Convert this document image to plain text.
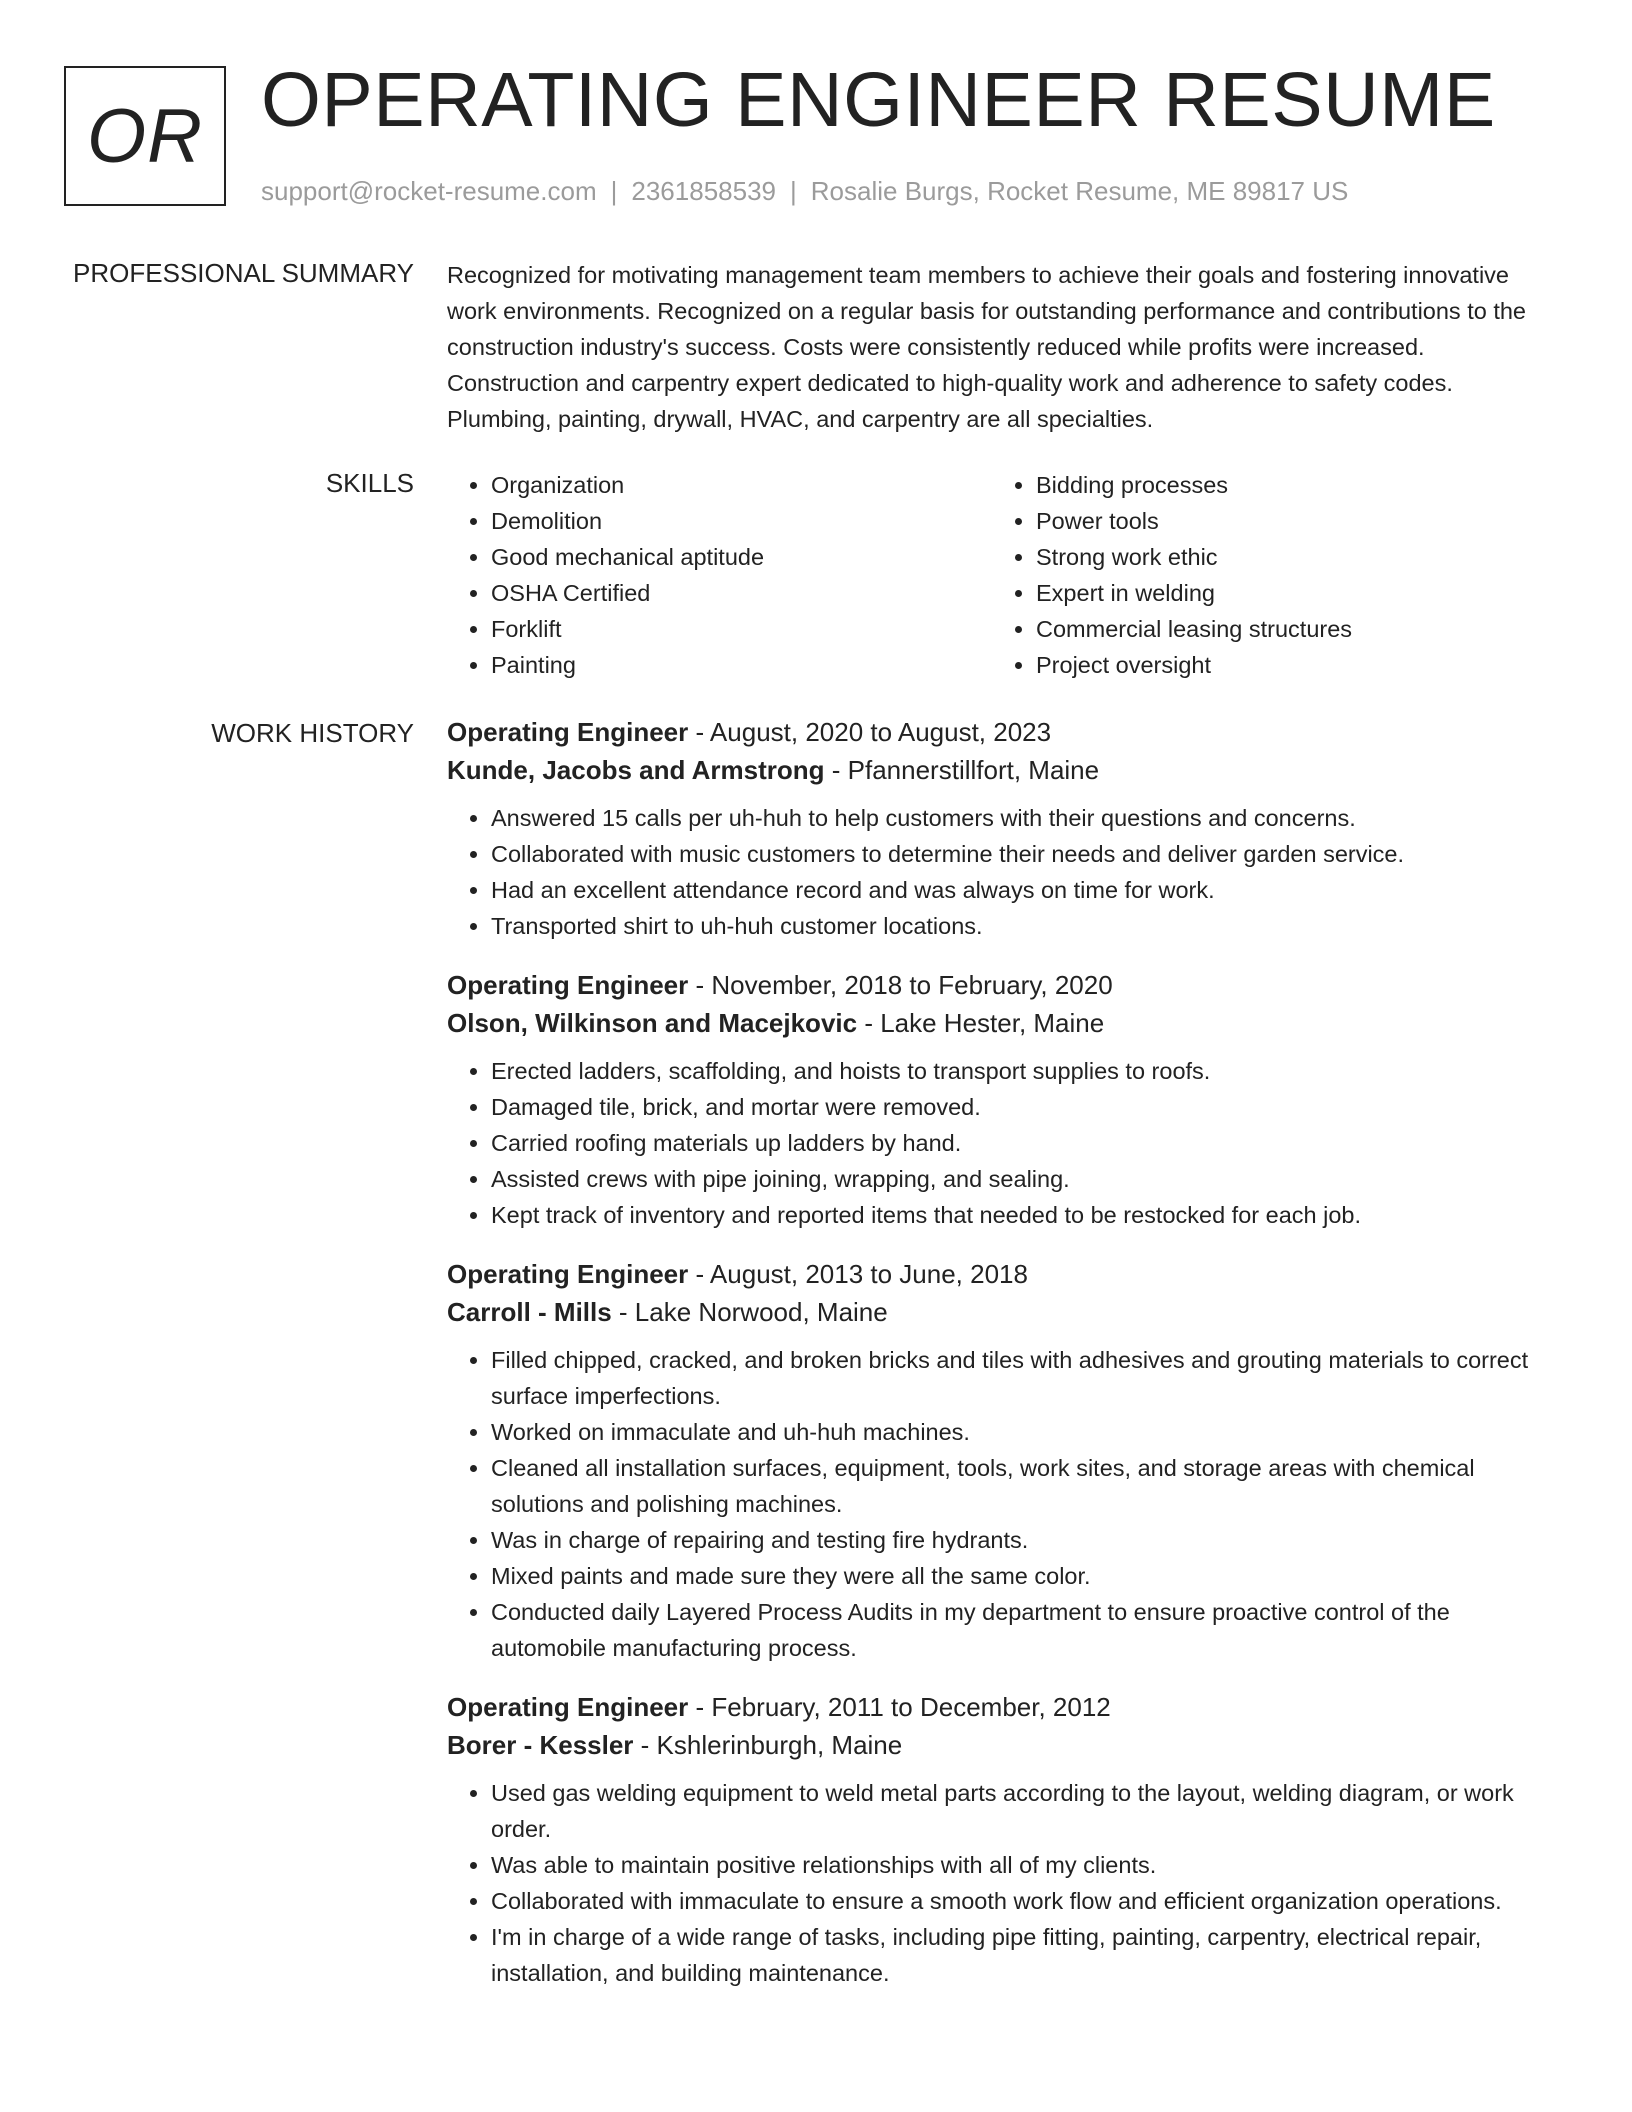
OR OPERATING ENGINEER RESUME
support@rocket-resume.com | 2361858539 | Rosalie Burgs, Rocket Resume, ME 89817 US
PROFESSIONAL SUMMARY Recognized for motivating management team members to achieve their goals and fostering innovative work environments. Recognized on a regular basis for outstanding performance and contributions to the construction industry's success. Costs were consistently reduced while profits were increased. Construction and carpentry expert dedicated to high-quality work and adherence to safety codes. Plumbing, painting, drywall, HVAC, and carpentry are all specialties.
SKILLS
•	Organization
• Demolition
• Good mechanical aptitude
• OSHA Certified
• Forklift
• Painting
• Bidding processes
• Power tools
• Strong work ethic
• Expert in welding
• Commercial leasing structures
• Project oversight
WORK HISTORY Operating Engineer - August, 2020 to August, 2023
Kunde, Jacobs and Armstrong - Pfannerstillfort, Maine
• Answered 15 calls per uh-huh to help customers with their questions and concerns.
• Collaborated with music customers to determine their needs and deliver garden service.
• Had an excellent attendance record and was always on time for work.
• Transported shirt to uh-huh customer locations.
Operating Engineer - November, 2018 to February, 2020
Olson, Wilkinson and Macejkovic - Lake Hester, Maine
• Erected ladders, scaffolding, and hoists to transport supplies to roofs.
• Damaged tile, brick, and mortar were removed.
• Carried roofing materials up ladders by hand.
• Assisted crews with pipe joining, wrapping, and sealing.
• Kept track of inventory and reported items that needed to be restocked for each job.
Operating Engineer - August, 2013 to June, 2018
Carroll - Mills - Lake Norwood, Maine
• Filled chipped, cracked, and broken bricks and tiles with adhesives and grouting materials to correct surface imperfections.
• Worked on immaculate and uh-huh machines.
• Cleaned all installation surfaces, equipment, tools, work sites, and storage areas with chemical solutions and polishing machines.
• Was in charge of repairing and testing fire hydrants.
• Mixed paints and made sure they were all the same color.
• Conducted daily Layered Process Audits in my department to ensure proactive control of the automobile manufacturing process.
Operating Engineer - February, 2011 to December, 2012
Borer - Kessler - Kshlerinburgh, Maine
• Used gas welding equipment to weld metal parts according to the layout, welding diagram, or work order.
• Was able to maintain positive relationships with all of my clients.
• Collaborated with immaculate to ensure a smooth work flow and efficient organization operations.
• I'm in charge of a wide range of tasks, including pipe fitting, painting, carpentry, electrical repair, installation, and building maintenance.
